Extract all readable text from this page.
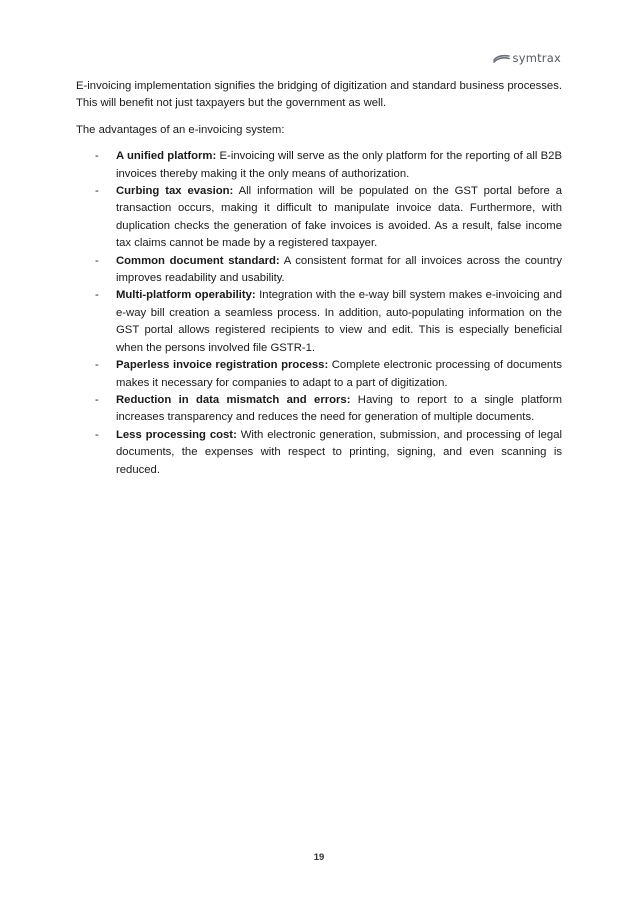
symtrax

E-invoicing implementation signifies the bridging of digitization and standard business processes. This will benefit not just taxpayers but the government as well.

The advantages of an e-invoicing system:

- A unified platform: E-invoicing will serve as the only platform for the reporting of all B2B invoices thereby making it the only means of authorization.
- Curbing tax evasion: All information will be populated on the GST portal before a transaction occurs, making it difficult to manipulate invoice data. Furthermore, with duplication checks the generation of fake invoices is avoided. As a result, false income tax claims cannot be made by a registered taxpayer.
- Common document standard: A consistent format for all invoices across the country improves readability and usability.
- Multi-platform operability: Integration with the e-way bill system makes e-invoicing and e-way bill creation a seamless process. In addition, auto-populating information on the GST portal allows registered recipients to view and edit. This is especially beneficial when the persons involved file GSTR-1.
- Paperless invoice registration process: Complete electronic processing of documents makes it necessary for companies to adapt to a part of digitization.
- Reduction in data mismatch and errors: Having to report to a single platform increases transparency and reduces the need for generation of multiple documents.
- Less processing cost: With electronic generation, submission, and processing of legal documents, the expenses with respect to printing, signing, and even scanning is reduced.
19
